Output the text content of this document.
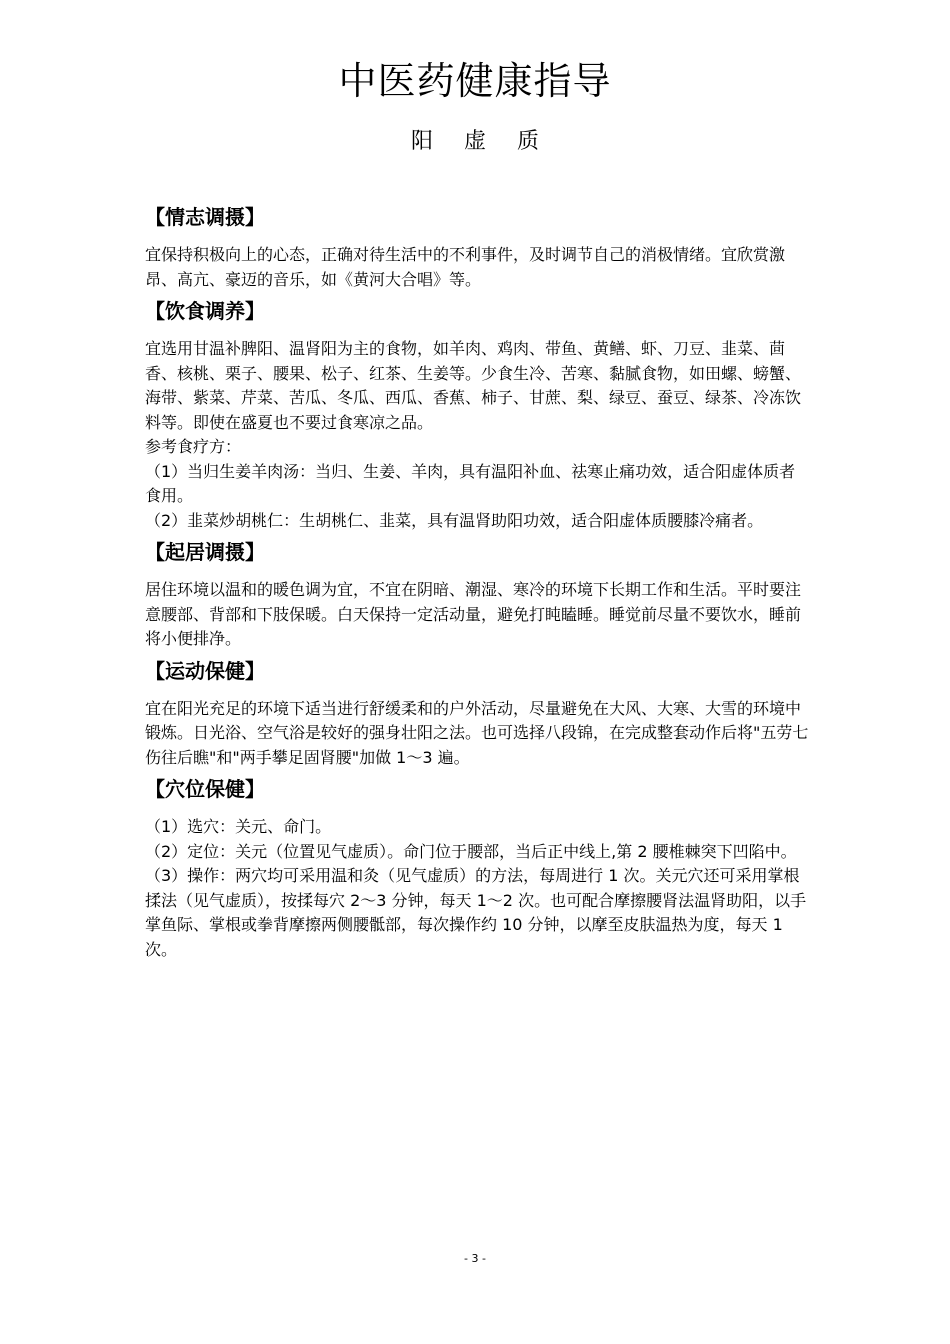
中医药健康指导
阳 虚 质
【情志调摄】

宜保持积极向上的心态，正确对待生活中的不利事件，及时调节自己的消极情绪。宜欣赏激昂、高亢、豪迈的音乐，如《黄河大合唱》等。

【饮食调养】

宜选用甘温补脾阳、温肾阳为主的食物，如羊肉、鸡肉、带鱼、黄鳝、虾、刀豆、韭菜、茴香、核桃、栗子、腰果、松子、红茶、生姜等。少食生冷、苦寒、黏腻食物，如田螺、螃蟹、海带、紫菜、芹菜、苦瓜、冬瓜、西瓜、香蕉、柿子、甘蔗、梨、绿豆、蚕豆、绿茶、冷冻饮料等。即使在盛夏也不要过食寒凉之品。

参考食疗方：

（1）当归生姜羊肉汤：当归、生姜、羊肉，具有温阳补血、祛寒止痛功效，适合阳虚体质者食用。

（2）韭菜炒胡桃仁：生胡桃仁、韭菜，具有温肾助阳功效，适合阳虚体质腰膝冷痛者。

【起居调摄】

居住环境以温和的暖色调为宜，不宜在阴暗、潮湿、寒冷的环境下长期工作和生活。平时要注意腰部、背部和下肢保暖。白天保持一定活动量，避免打盹瞌睡。睡觉前尽量不要饮水，睡前将小便排净。

【运动保健】

宜在阳光充足的环境下适当进行舒缓柔和的户外活动，尽量避免在大风、大寒、大雪的环境中锻炼。日光浴、空气浴是较好的强身壮阳之法。也可选择八段锦，在完成整套动作后将"五劳七伤往后瞧"和"两手攀足固肾腰"加做 1～3 遍。

【穴位保健】

（1）选穴：关元、命门。

（2）定位：关元（位置见气虚质）。命门位于腰部，当后正中线上,第 2 腰椎棘突下凹陷中。

（3）操作：两穴均可采用温和灸（见气虚质）的方法，每周进行 1 次。关元穴还可采用掌根揉法（见气虚质），按揉每穴 2～3 分钟，每天 1～2 次。也可配合摩擦腰肾法温肾助阳，以手掌鱼际、掌根或拳背摩擦两侧腰骶部，每次操作约 10 分钟，以摩至皮肤温热为度，每天 1 次。

- 3 -
